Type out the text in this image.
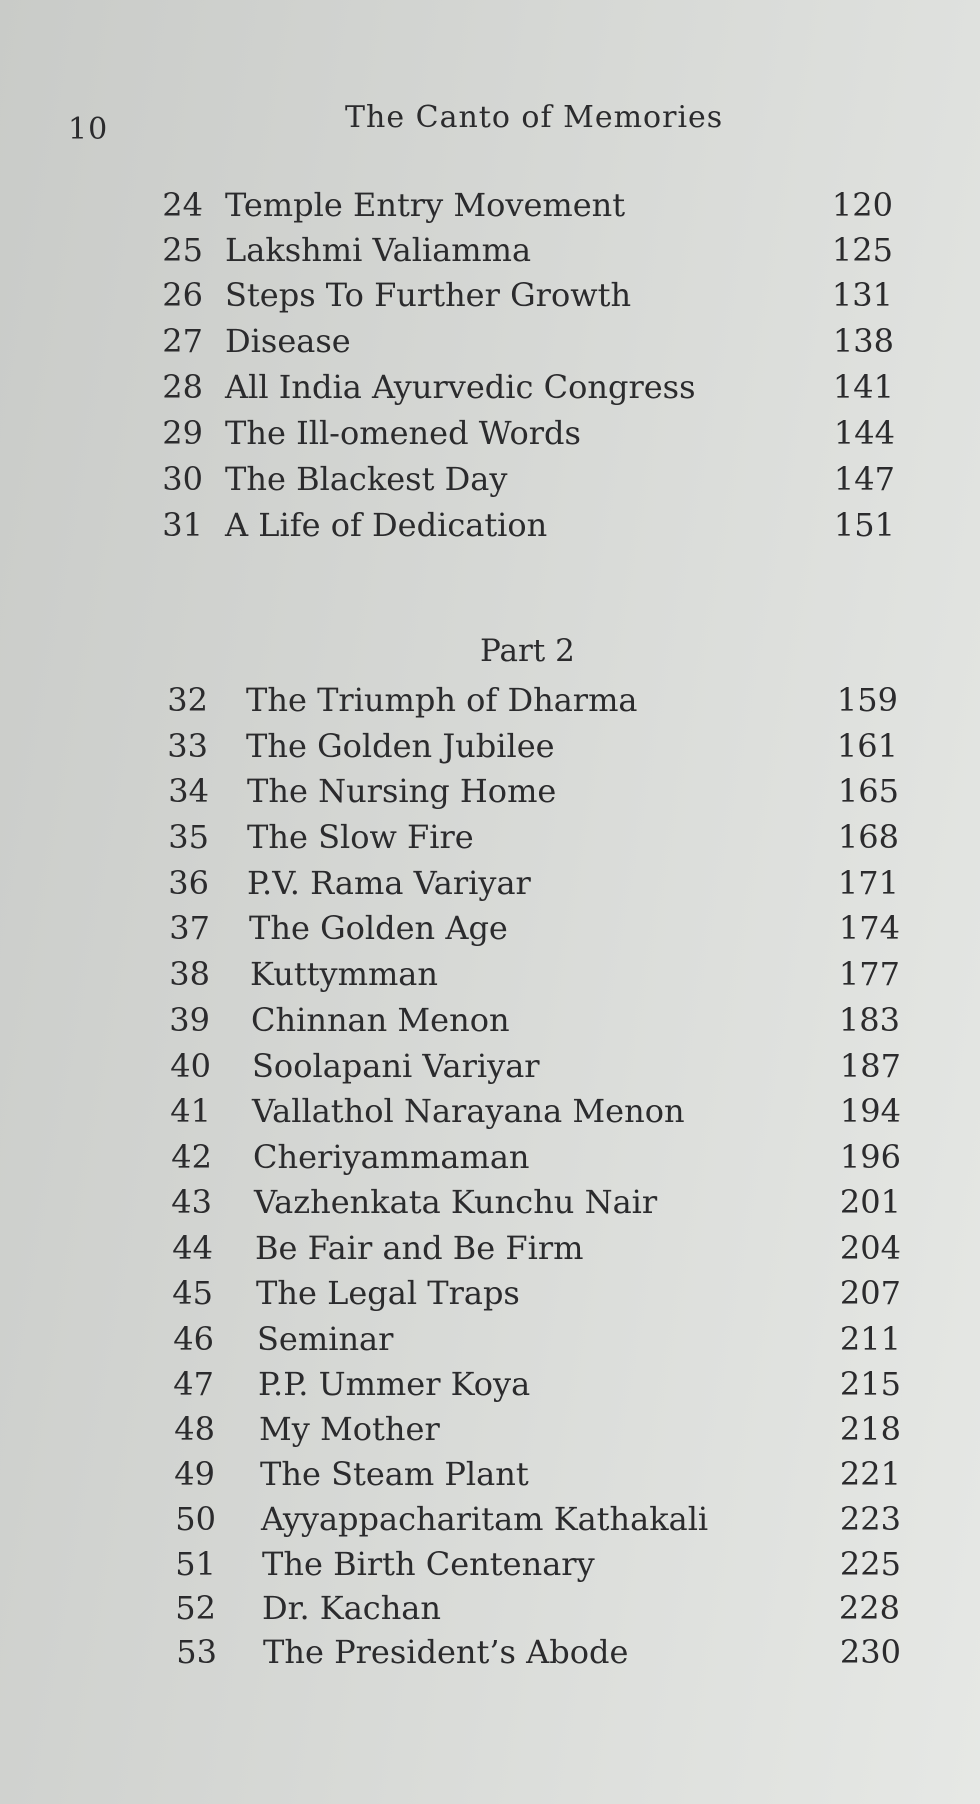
10	The Canto of Memories
24 Temple Entry Movement	120
25 Lakshmi Valiamma	125
26 Steps To Further Growth	131
27 Disease	138
28 All India Ayurvedic Congress	141
29 The Ill-omened Words	144
30 The Blackest Day	147
31 A Life of Dedication	151
Part 2
32 The Triumph of Dharma	159
33 The Golden Jubilee	161
34 The Nursing Home	165
35 The Slow Fire	168
36 P.V. Rama Variyar	171
37 The Golden Age	174
38 Kuttymman	177
39 Chinnan Menon	183
40 Soolapani Variyar	187
41 Vallathol Narayana Menon	194
42 Cheriyammaman	196
43 Vazhenkata Kunchu Nair	201
44 Be Fair and Be Firm	204
45 The Legal Traps	207
46 Seminar	211
47 P.P. Ummer Koya	215
48 My Mother	218
49 The Steam Plant	221
50 Ayyappacharitam Kathakali	223
51 The Birth Centenary	225
52 Dr. Kachan	228
53 The President’s Abode	230
